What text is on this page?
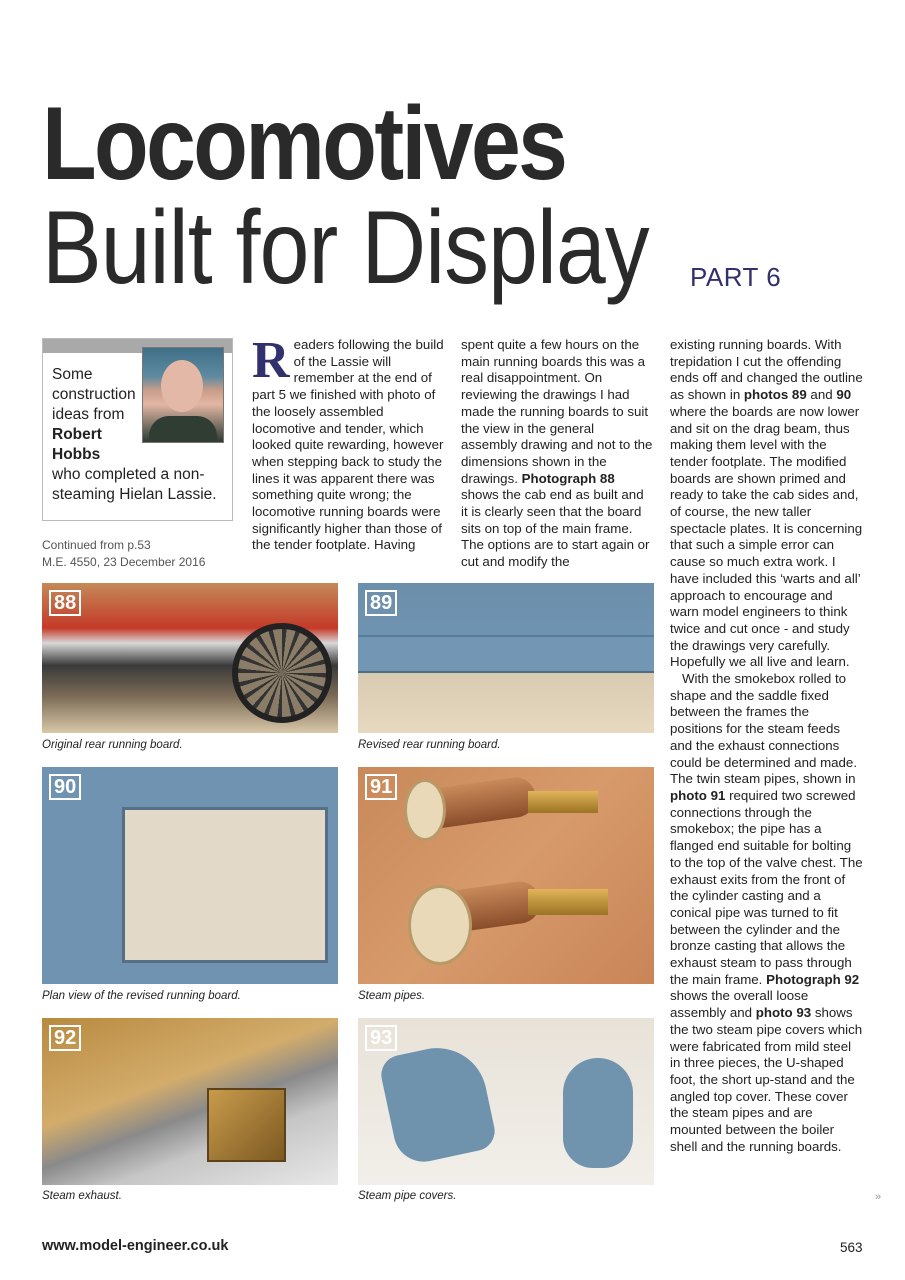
Locomotives
Built for Display PART 6
Some construction ideas from
Robert Hobbs
who completed a non-steaming Hielan Lassie.
Continued from p.53
M.E. 4550, 23 December 2016

Readers following the build of the Lassie will remember at the end of part 5 we finished with photo of the loosely assembled locomotive and tender, which looked quite rewarding, however when stepping back to study the lines it was apparent there was something quite wrong; the locomotive running boards were significantly higher than those of the tender footplate. Having

spent quite a few hours on the main running boards this was a real disappointment. On reviewing the drawings I had made the running boards to suit the view in the general assembly drawing and not to the dimensions shown in the drawings. Photograph 88 shows the cab end as built and it is clearly seen that the board sits on top of the main frame. The options are to start again or cut and modify the

existing running boards. With trepidation I cut the offending ends off and changed the outline as shown in photos 89 and 90 where the boards are now lower and sit on the drag beam, thus making them level with the tender footplate. The modified boards are shown primed and ready to take the cab sides and, of course, the new taller spectacle plates. It is concerning that such a simple error can cause so much extra work. I have included this ‘warts and all’ approach to encourage and warn model engineers to think twice and cut once - and study the drawings very carefully. Hopefully we all live and learn.

With the smokebox rolled to shape and the saddle fixed between the frames the positions for the steam feeds and the exhaust connections could be determined and made. The twin steam pipes, shown in photo 91 required two screwed connections through the smokebox; the pipe has a flanged end suitable for bolting to the top of the valve chest. The exhaust exits from the front of the cylinder casting and a conical pipe was turned to fit between the cylinder and the bronze casting that allows the exhaust steam to pass through the main frame. Photograph 92 shows the overall loose assembly and photo 93 shows the two steam pipe covers which were fabricated from mild steel in three pieces, the U-shaped foot, the short up-stand and the angled top cover. These cover the steam pipes and are mounted between the boiler shell and the running boards.

88
Original rear running board.
89
Revised rear running board.
90
Plan view of the revised running board.
91
Steam pipes.
92
Steam exhaust.
93
Steam pipe covers.	»
www.model-engineer.co.uk	563
